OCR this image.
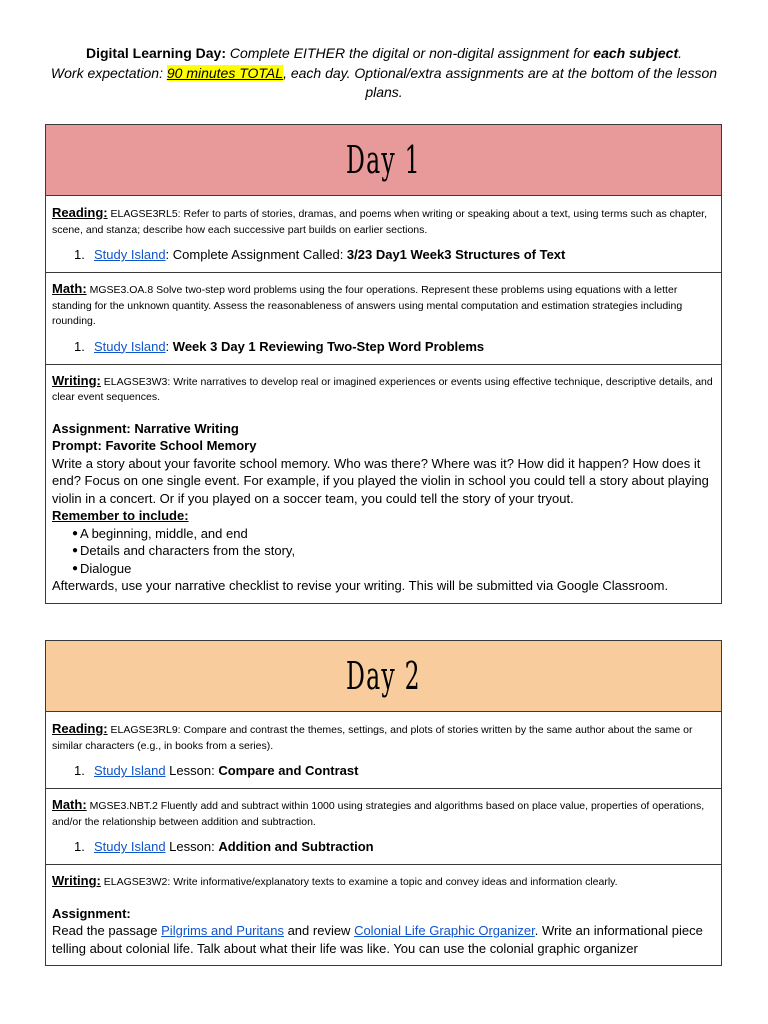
Digital Learning Day: Complete EITHER the digital or non-digital assignment for each subject.
Work expectation: 90 minutes TOTAL, each day. Optional/extra assignments are at the bottom of the lesson plans.
Day 1
Reading: ELAGSE3RL5: Refer to parts of stories, dramas, and poems when writing or speaking about a text, using terms such as chapter, scene, and stanza; describe how each successive part builds on earlier sections.
1. Study Island: Complete Assignment Called: 3/23 Day1 Week3 Structures of Text
Math: MGSE3.OA.8 Solve two-step word problems using the four operations. Represent these problems using equations with a letter standing for the unknown quantity. Assess the reasonableness of answers using mental computation and estimation strategies including rounding.
1. Study Island: Week 3 Day 1 Reviewing Two-Step Word Problems
Writing: ELAGSE3W3: Write narratives to develop real or imagined experiences or events using effective technique, descriptive details, and clear event sequences.
Assignment: Narrative Writing
Prompt: Favorite School Memory
Write a story about your favorite school memory. Who was there? Where was it? How did it happen? How does it end? Focus on one single event. For example, if you played the violin in school you could tell a story about playing violin in a concert. Or if you played on a soccer team, you could tell the story of your tryout.
Remember to include:
● A beginning, middle, and end
● Details and characters from the story,
● Dialogue
Afterwards, use your narrative checklist to revise your writing. This will be submitted via Google Classroom.
Day 2
Reading: ELAGSE3RL9: Compare and contrast the themes, settings, and plots of stories written by the same author about the same or similar characters (e.g., in books from a series).
1. Study Island Lesson: Compare and Contrast
Math: MGSE3.NBT.2 Fluently add and subtract within 1000 using strategies and algorithms based on place value, properties of operations, and/or the relationship between addition and subtraction.
1. Study Island Lesson: Addition and Subtraction
Writing: ELAGSE3W2: Write informative/explanatory texts to examine a topic and convey ideas and information clearly.
Assignment:
Read the passage Pilgrims and Puritans and review Colonial Life Graphic Organizer. Write an informational piece telling about colonial life. Talk about what their life was like. You can use the colonial graphic organizer
